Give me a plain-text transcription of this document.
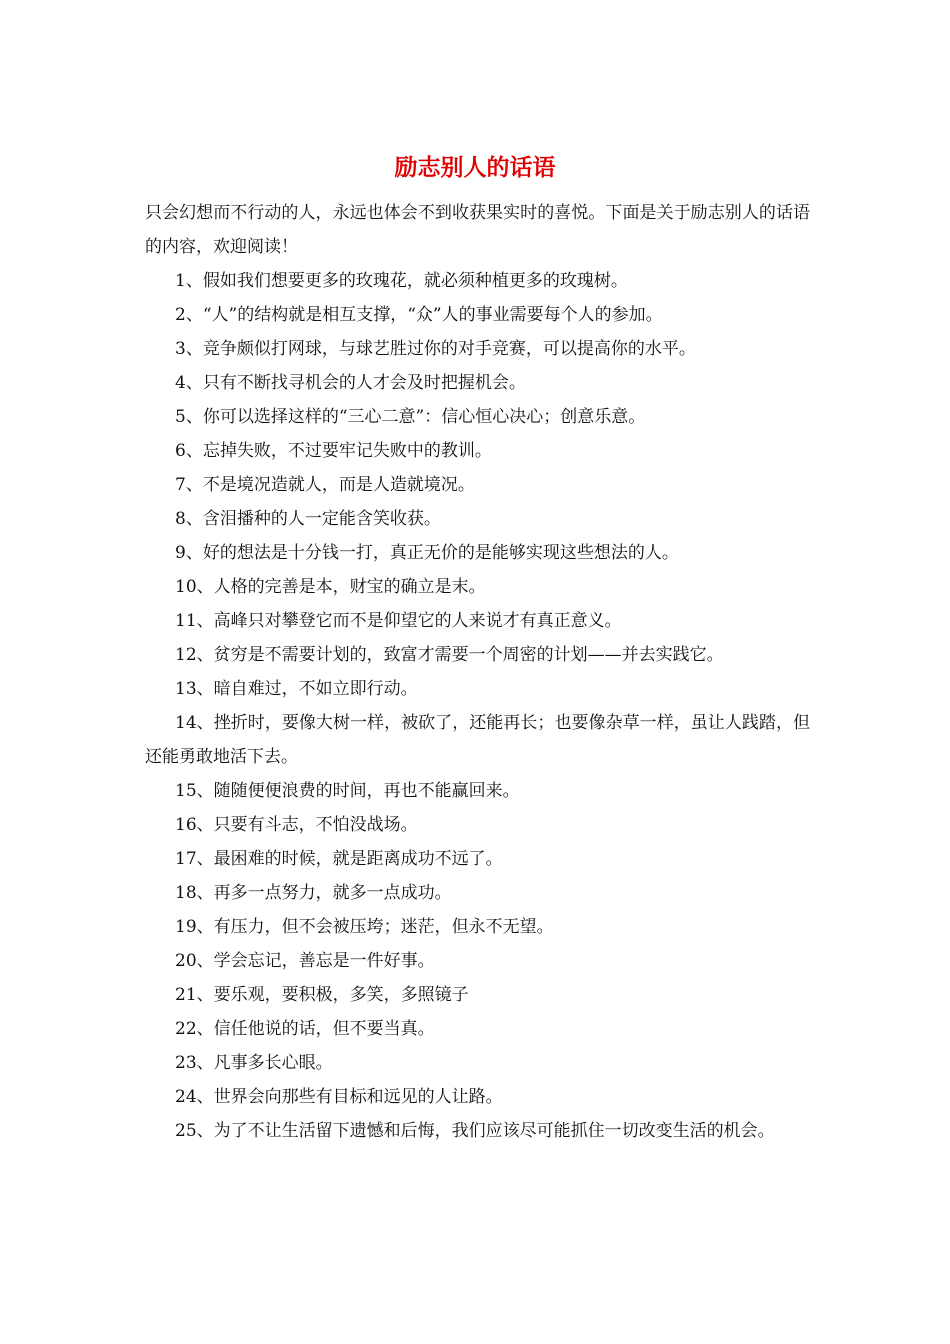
励志别人的话语

只会幻想而不行动的人，永远也体会不到收获果实时的喜悦。下面是关于励志别人的话语的内容，欢迎阅读！

1、假如我们想要更多的玫瑰花，就必须种植更多的玫瑰树。

2、“人”的结构就是相互支撑，“众”人的事业需要每个人的参加。

3、竞争颇似打网球，与球艺胜过你的对手竞赛，可以提高你的水平。

4、只有不断找寻机会的人才会及时把握机会。

5、你可以选择这样的“三心二意”：信心恒心决心；创意乐意。

6、忘掉失败，不过要牢记失败中的教训。

7、不是境况造就人，而是人造就境况。

8、含泪播种的人一定能含笑收获。

9、好的想法是十分钱一打，真正无价的是能够实现这些想法的人。

10、人格的完善是本，财宝的确立是末。

11、高峰只对攀登它而不是仰望它的人来说才有真正意义。

12、贫穷是不需要计划的，致富才需要一个周密的计划——并去实践它。

13、暗自难过，不如立即行动。

14、挫折时，要像大树一样，被砍了，还能再长；也要像杂草一样，虽让人践踏，但还能勇敢地活下去。

15、随随便便浪费的时间，再也不能赢回来。

16、只要有斗志，不怕没战场。

17、最困难的时候，就是距离成功不远了。

18、再多一点努力，就多一点成功。

19、有压力，但不会被压垮；迷茫，但永不无望。

20、学会忘记，善忘是一件好事。

21、要乐观，要积极，多笑，多照镜子

22、信任他说的话，但不要当真。

23、凡事多长心眼。

24、世界会向那些有目标和远见的人让路。

25、为了不让生活留下遗憾和后悔，我们应该尽可能抓住一切改变生活的机会。
